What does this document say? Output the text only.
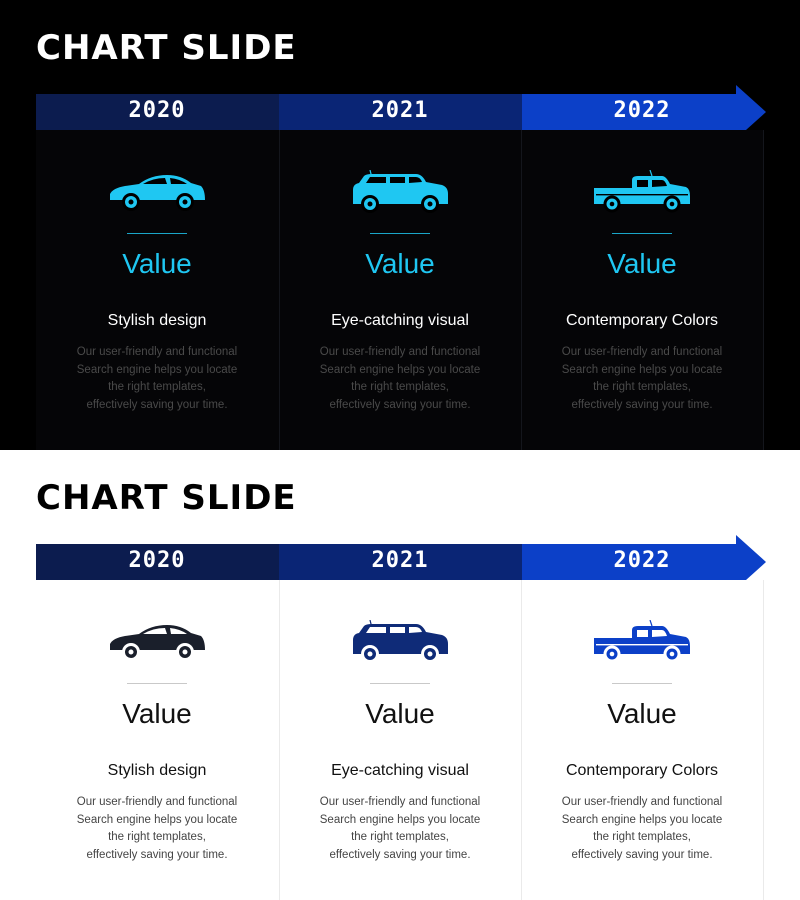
CHART SLIDE
2020	2021	2022
Value
Stylish design
Our user-friendly and functional
Search engine helps you locate
the right templates,
effectively saving your time.
Value
Eye-catching visual
Our user-friendly and functional
Search engine helps you locate
the right templates,
effectively saving your time.
Value
Contemporary Colors
Our user-friendly and functional
Search engine helps you locate
the right templates,
effectively saving your time.
CHART SLIDE
2020	2021	2022
Value
Stylish design
Our user-friendly and functional
Search engine helps you locate
the right templates,
effectively saving your time.
Value
Eye-catching visual
Our user-friendly and functional
Search engine helps you locate
the right templates,
effectively saving your time.
Value
Contemporary Colors
Our user-friendly and functional
Search engine helps you locate
the right templates,
effectively saving your time.
